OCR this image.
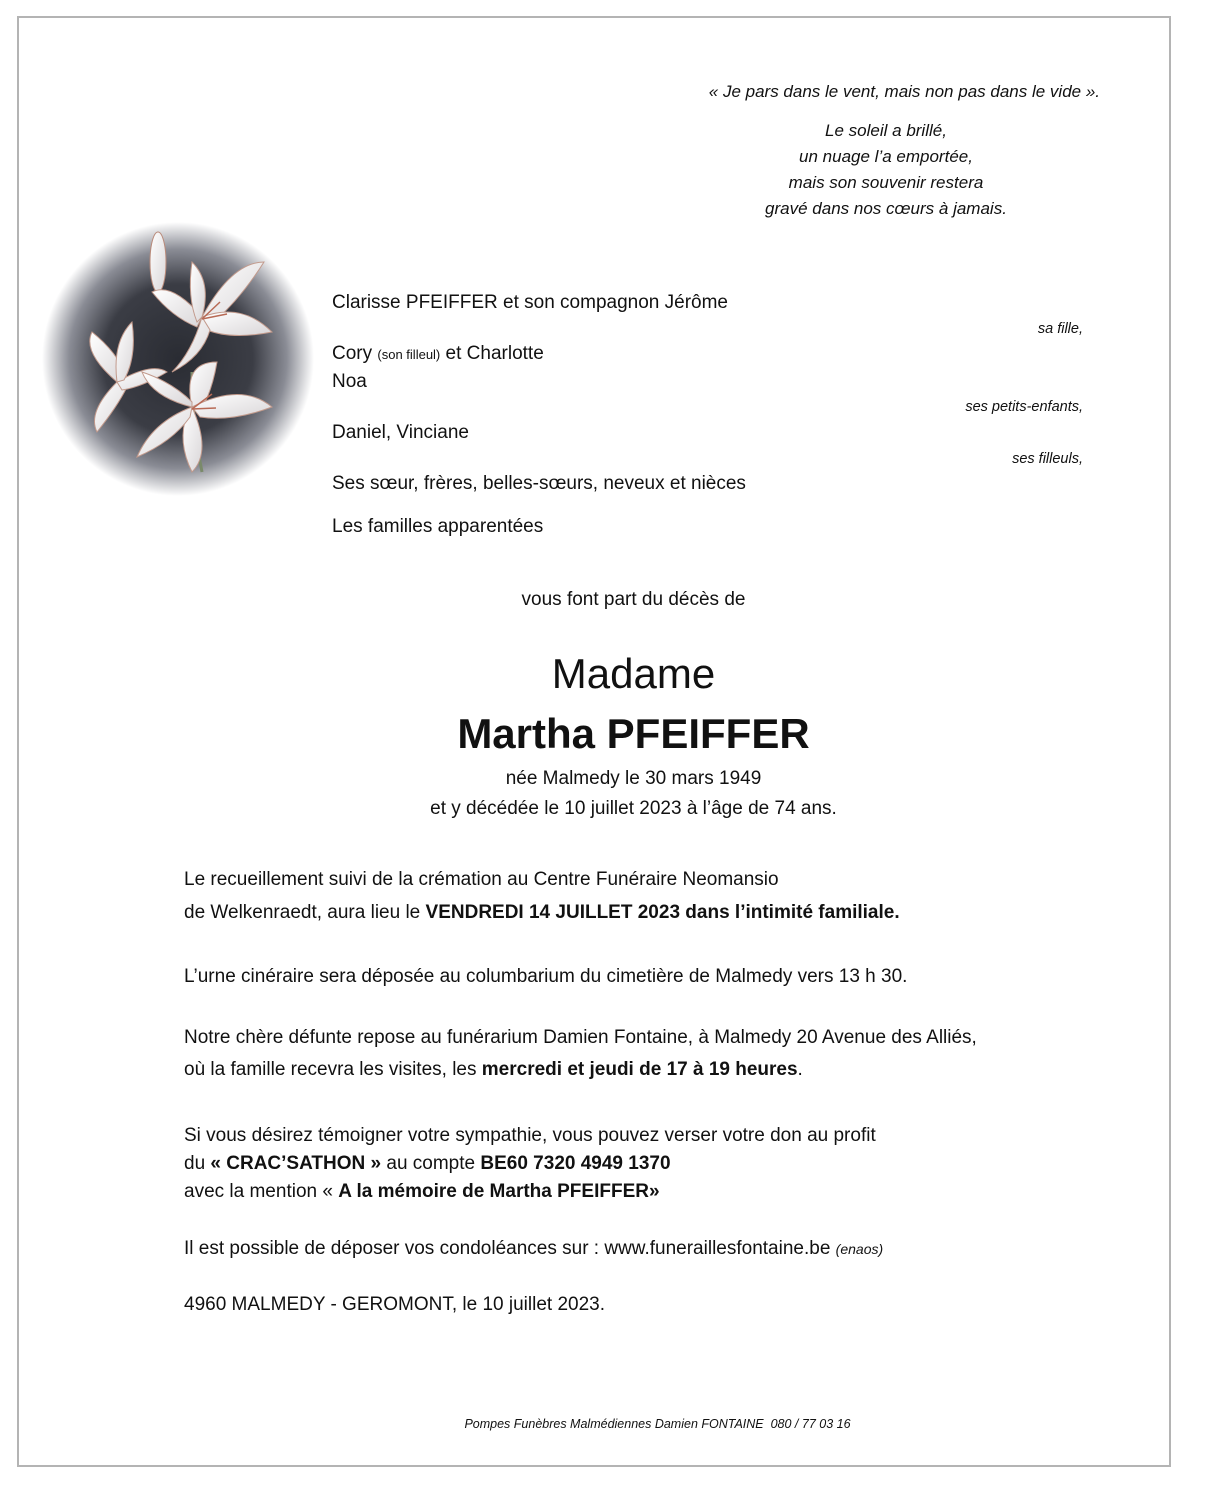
« Je pars dans le vent, mais non pas dans le vide ».
Le soleil a brillé,
un nuage l’a emportée,
mais son souvenir restera
gravé dans nos cœurs à jamais.
Clarisse PFEIFFER et son compagnon Jérôme
sa fille,
Cory (son filleul) et Charlotte
Noa
ses petits-enfants,
Daniel, Vinciane
ses filleuls,
Ses sœur, frères, belles-sœurs, neveux et nièces
Les familles apparentées
vous font part du décès de
Madame
Martha PFEIFFER
née Malmedy le 30 mars 1949
et y décédée le 10 juillet 2023 à l’âge de 74 ans.
Le recueillement suivi de la crémation au Centre Funéraire Neomansio
de Welkenraedt, aura lieu le VENDREDI 14 JUILLET 2023 dans l’intimité familiale.
L’urne cinéraire sera déposée au columbarium du cimetière de Malmedy vers 13 h 30.
Notre chère défunte repose au funérarium Damien Fontaine, à Malmedy 20 Avenue des Alliés,
où la famille recevra les visites, les mercredi et jeudi de 17 à 19 heures.
Si vous désirez témoigner votre sympathie, vous pouvez verser votre don au profit
du « CRAC’SATHON » au compte BE60 7320 4949 1370
avec la mention « A la mémoire de Martha PFEIFFER»
Il est possible de déposer vos condoléances sur : www.funeraillesfontaine.be (enaos)
4960 MALMEDY - GEROMONT, le 10 juillet 2023.
Pompes Funèbres Malmédiennes Damien FONTAINE  080 / 77 03 16
